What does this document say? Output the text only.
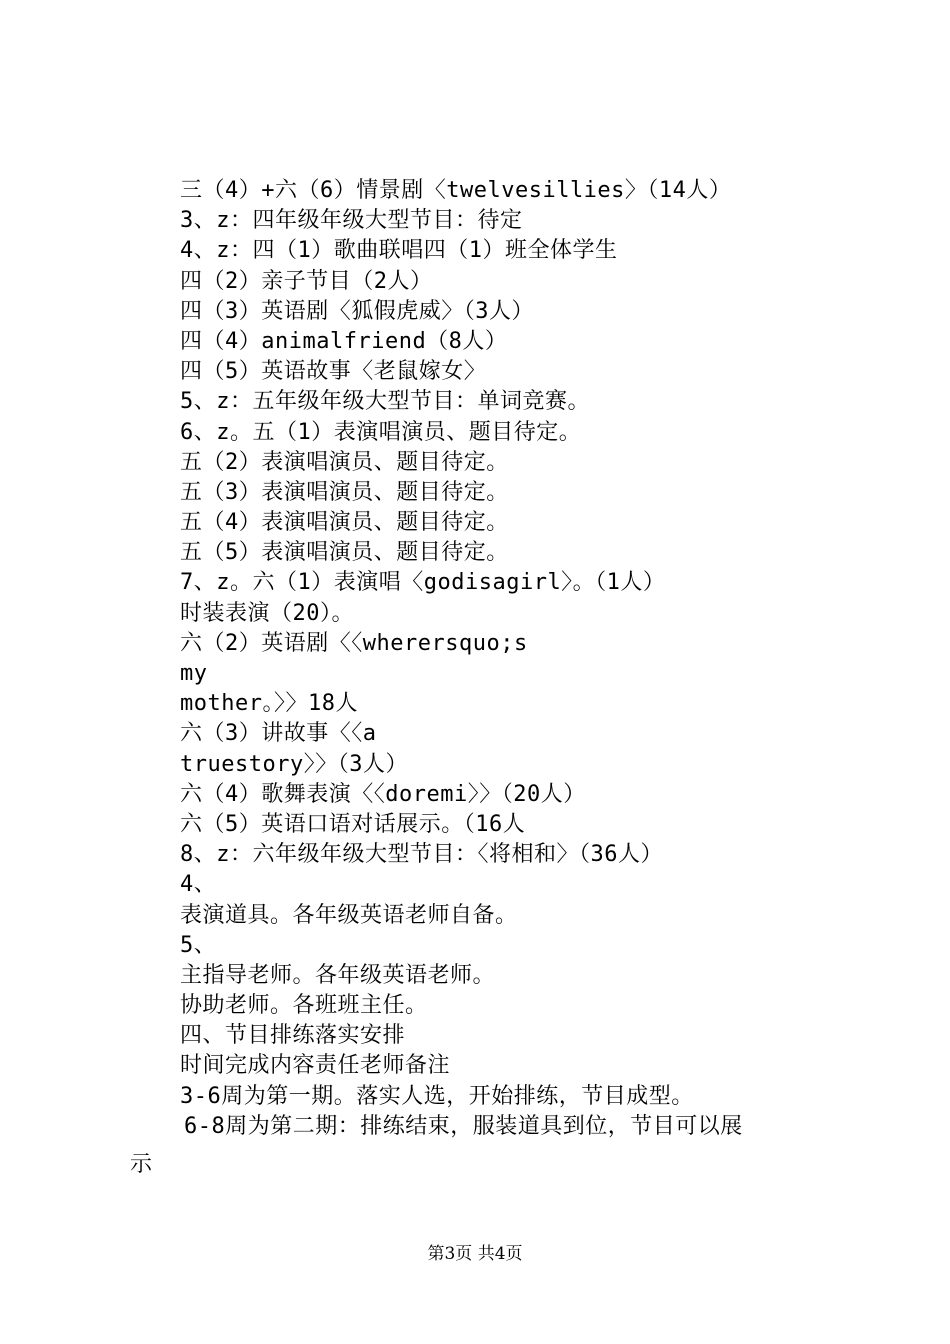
三（4）+六（6）情景剧〈twelvesillies〉（14人）
3、z：四年级年级大型节目：待定
4、z：四（1）歌曲联唱四（1）班全体学生
四（2）亲子节目（2人）
四（3）英语剧〈狐假虎威〉（3人）
四（4）animalfriend（8人）
四（5）英语故事〈老鼠嫁女〉
5、z：五年级年级大型节目：单词竞赛。
6、z。五（1）表演唱演员、题目待定。
五（2）表演唱演员、题目待定。
五（3）表演唱演员、题目待定。
五（4）表演唱演员、题目待定。
五（5）表演唱演员、题目待定。
7、z。六（1）表演唱〈godisagirl〉。（1人）
时装表演（20）。
六（2）英语剧〈〈wherersquo;s
my
mother。〉〉18人
六（3）讲故事〈〈a
truestory〉〉（3人）
六（4）歌舞表演〈〈doremi〉〉（20人）
六（5）英语口语对话展示。（16人
8、z：六年级年级大型节目：〈将相和〉（36人）
4、
表演道具。各年级英语老师自备。
5、
主指导老师。各年级英语老师。
协助老师。各班班主任。
四、节目排练落实安排
时间完成内容责任老师备注
3-6周为第一期。落实人选，开始排练，节目成型。
6-8周为第二期：排练结束，服装道具到位，节目可以展
示
第3页 共4页
